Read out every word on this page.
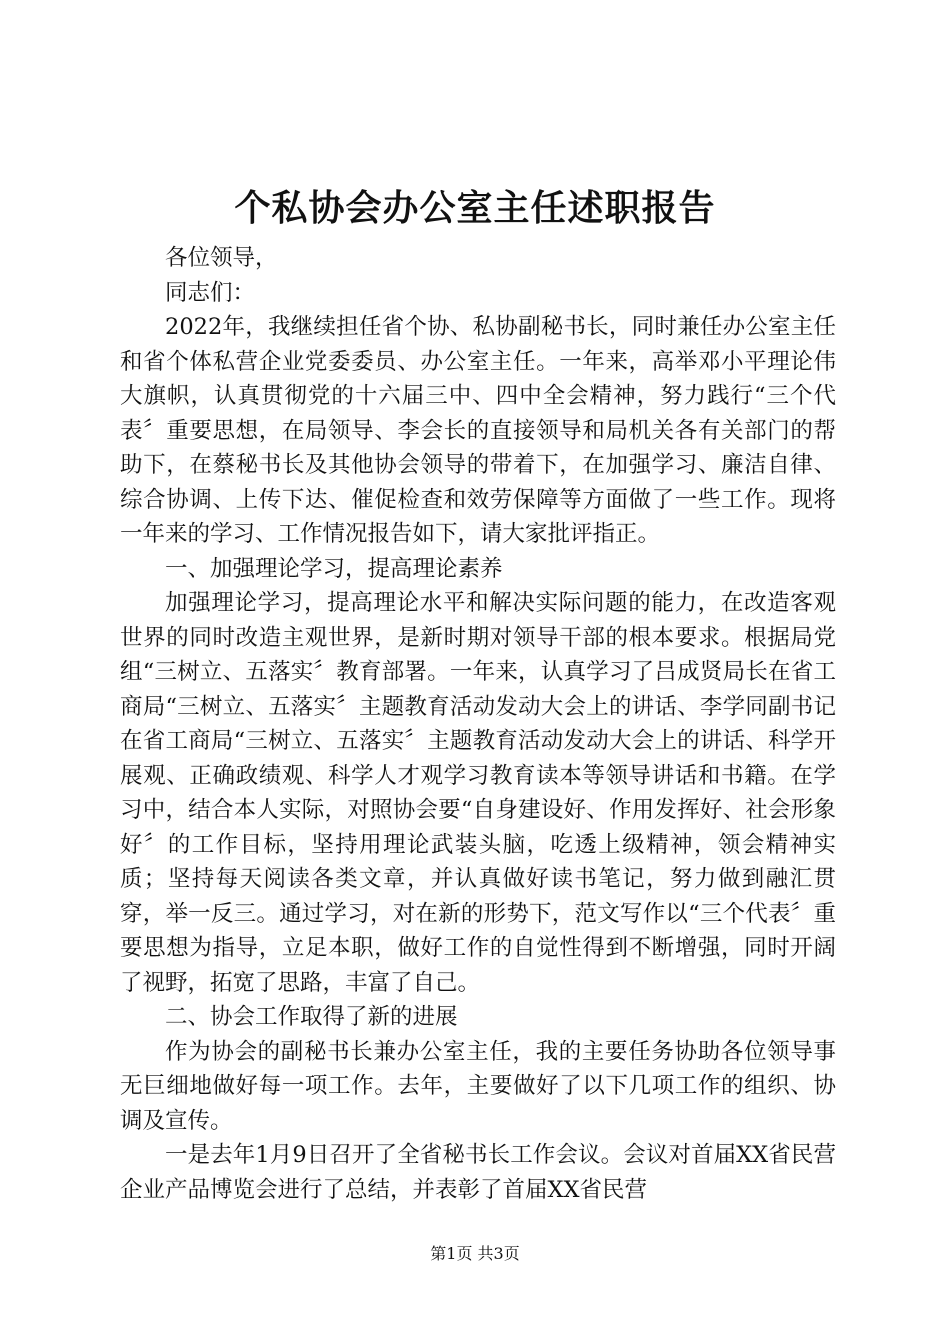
个私协会办公室主任述职报告

各位领导，

同志们：

2022年，我继续担任省个协、私协副秘书长，同时兼任办公室主任和省个体私营企业党委委员、办公室主任。一年来，高举邓小平理论伟大旗帜，认真贯彻党的十六届三中、四中全会精神，努力践行“三个代表〞重要思想，在局领导、李会长的直接领导和局机关各有关部门的帮助下，在蔡秘书长及其他协会领导的带着下，在加强学习、廉洁自律、综合协调、上传下达、催促检查和效劳保障等方面做了一些工作。现将一年来的学习、工作情况报告如下，请大家批评指正。

一、加强理论学习，提高理论素养

加强理论学习，提高理论水平和解决实际问题的能力，在改造客观世界的同时改造主观世界，是新时期对领导干部的根本要求。根据局党组“三树立、五落实〞教育部署。一年来，认真学习了吕成贤局长在省工商局“三树立、五落实〞主题教育活动发动大会上的讲话、李学同副书记在省工商局“三树立、五落实〞主题教育活动发动大会上的讲话、科学开展观、正确政绩观、科学人才观学习教育读本等领导讲话和书籍。在学习中，结合本人实际，对照协会要“自身建设好、作用发挥好、社会形象好〞的工作目标，坚持用理论武装头脑，吃透上级精神，领会精神实质；坚持每天阅读各类文章，并认真做好读书笔记，努力做到融汇贯穿，举一反三。通过学习，对在新的形势下，范文写作以“三个代表〞重要思想为指导，立足本职，做好工作的自觉性得到不断增强，同时开阔了视野，拓宽了思路，丰富了自己。

二、协会工作取得了新的进展

作为协会的副秘书长兼办公室主任，我的主要任务协助各位领导事无巨细地做好每一项工作。去年，主要做好了以下几项工作的组织、协调及宣传。

一是去年1月9日召开了全省秘书长工作会议。会议对首届XX省民营企业产品博览会进行了总结，并表彰了首届XX省民营

第1页 共3页
